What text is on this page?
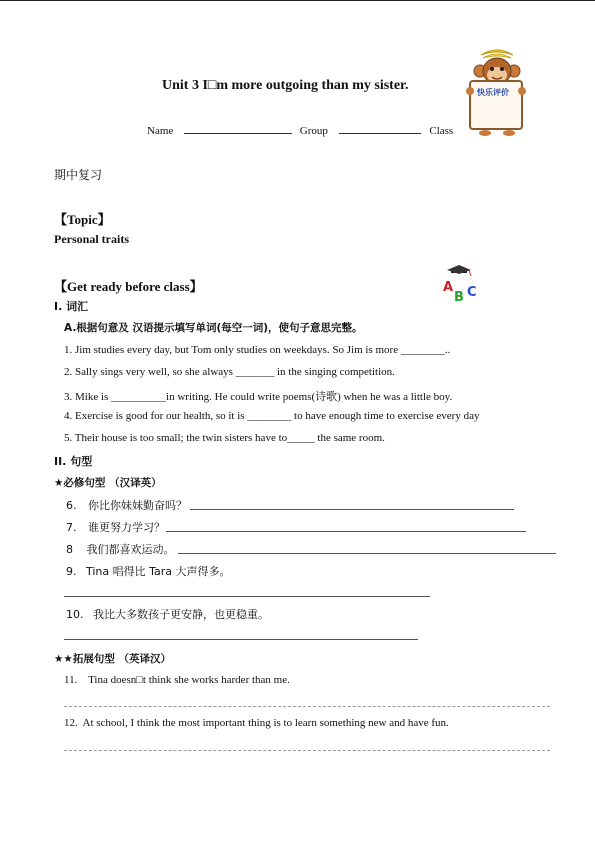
Unit 3 I□m more outgoing than my sister.
Name	Group	Class
快乐评价
期中复习
【Topic】
Personal traits
【Get ready before class】	A
B C
I. 词汇
A.根据句意及 汉语提示填写单词(每空一词)，使句子意思完整。
1. Jim studies every day, but Tom only studies on weekdays. So Jim is more ________..
2. Sally sings very well, so she always _______ in the singing competition.
3. Mike is __________in writing. He could write poems(诗歌) when he was a little boy.
4. Exercise is good for our health, so it is ________ to have enough time to exercise every day
5. Their house is too small; the twin sisters have to_____ the same room.
II. 句型
★必修句型 （汉译英）
6. 你比你妹妹勤奋吗？
7. 谁更努力学习？
8 我们都喜欢运动。
9. Tina 唱得比 Tara 大声得多。
10. 我比大多数孩子更安静，也更稳重。
★★拓展句型 （英译汉）
11. Tina doesn□t think she works harder than me.
12. At school, I think the most important thing is to learn something new and have fun.
